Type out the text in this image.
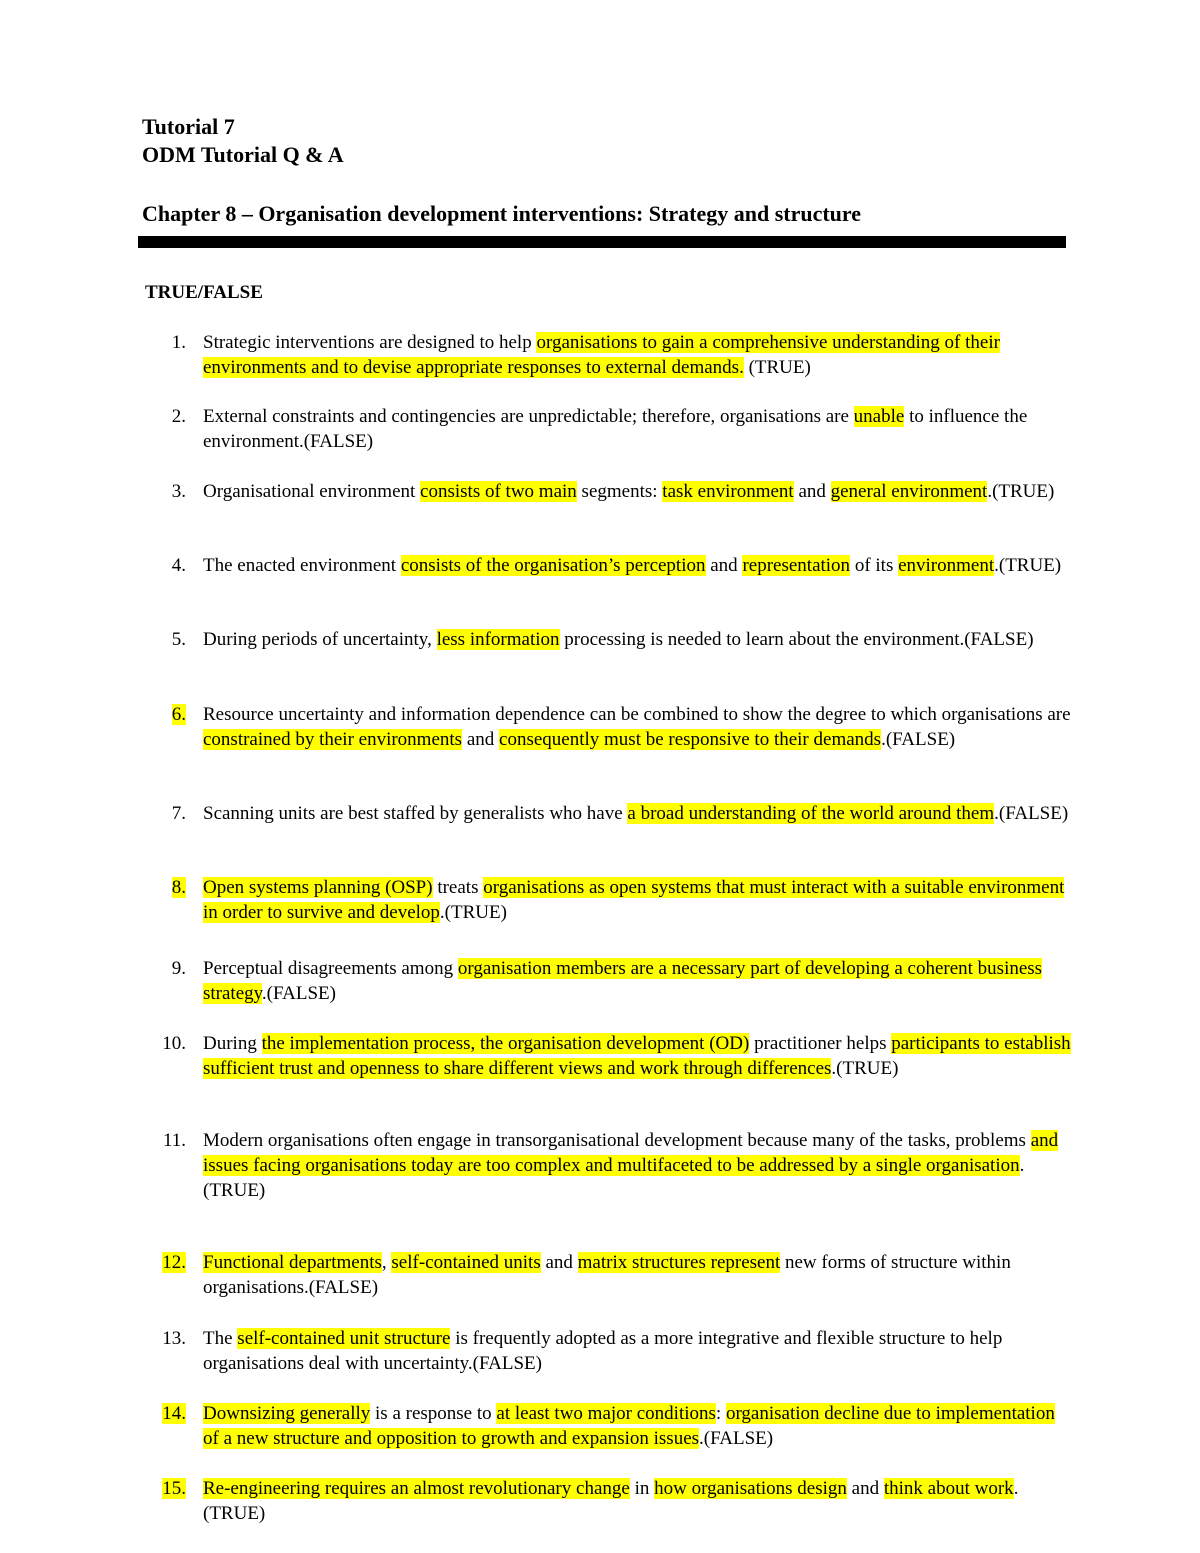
Tutorial 7
ODM Tutorial Q & A
Chapter 8 – Organisation development interventions: Strategy and structure
TRUE/FALSE
1. Strategic interventions are designed to help organisations to gain a comprehensive understanding of their environments and to devise appropriate responses to external demands. (TRUE)
2. External constraints and contingencies are unpredictable; therefore, organisations are unable to influence the environment.(FALSE)
3. Organisational environment consists of two main segments: task environment and general environment.(TRUE)
4. The enacted environment consists of the organisation’s perception and representation of its environment.(TRUE)
5. During periods of uncertainty, less information processing is needed to learn about the environment.(FALSE)
6. Resource uncertainty and information dependence can be combined to show the degree to which organisations are constrained by their environments and consequently must be responsive to their demands.(FALSE)
7. Scanning units are best staffed by generalists who have a broad understanding of the world around them.(FALSE)
8. Open systems planning (OSP) treats organisations as open systems that must interact with a suitable environment in order to survive and develop.(TRUE)
9. Perceptual disagreements among organisation members are a necessary part of developing a coherent business strategy.(FALSE)
10. During the implementation process, the organisation development (OD) practitioner helps participants to establish sufficient trust and openness to share different views and work through differences.(TRUE)
11. Modern organisations often engage in transorganisational development because many of the tasks, problems and issues facing organisations today are too complex and multifaceted to be addressed by a single organisation.(TRUE)
12. Functional departments, self-contained units and matrix structures represent new forms of structure within organisations.(FALSE)
13. The self-contained unit structure is frequently adopted as a more integrative and flexible structure to help organisations deal with uncertainty.(FALSE)
14. Downsizing generally is a response to at least two major conditions: organisation decline due to implementation of a new structure and opposition to growth and expansion issues.(FALSE)
15. Re-engineering requires an almost revolutionary change in how organisations design and think about work.(TRUE)
